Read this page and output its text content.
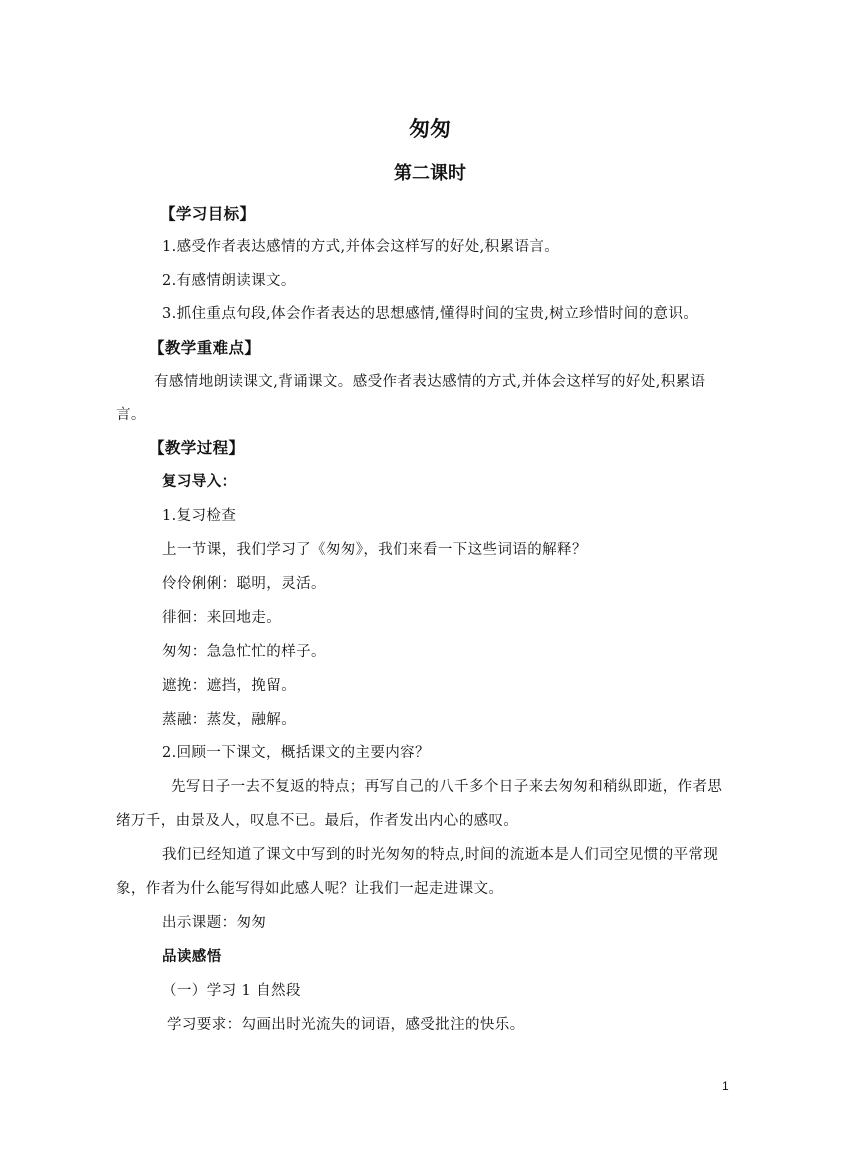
匆匆
第二课时
【学习目标】
1.感受作者表达感情的方式,并体会这样写的好处,积累语言。
2.有感情朗读课文。
3.抓住重点句段,体会作者表达的思想感情,懂得时间的宝贵,树立珍惜时间的意识。
【教学重难点】
有感情地朗读课文,背诵课文。感受作者表达感情的方式,并体会这样写的好处,积累语
言。
【教学过程】
复习导入：
1.复习检查
上一节课，我们学习了《匆匆》，我们来看一下这些词语的解释？
伶伶俐俐：聪明，灵活。
徘徊：来回地走。
匆匆：急急忙忙的样子。
遮挽：遮挡，挽留。
蒸融：蒸发，融解。
2.回顾一下课文，概括课文的主要内容？
先写日子一去不复返的特点；再写自己的八千多个日子来去匆匆和稍纵即逝，作者思
绪万千，由景及人，叹息不已。最后，作者发出内心的感叹。
我们已经知道了课文中写到的时光匆匆的特点,时间的流逝本是人们司空见惯的平常现
象，作者为什么能写得如此感人呢？让我们一起走进课文。
出示课题：匆匆
品读感悟
（一）学习 1 自然段
学习要求：勾画出时光流失的词语，感受批注的快乐。
1
